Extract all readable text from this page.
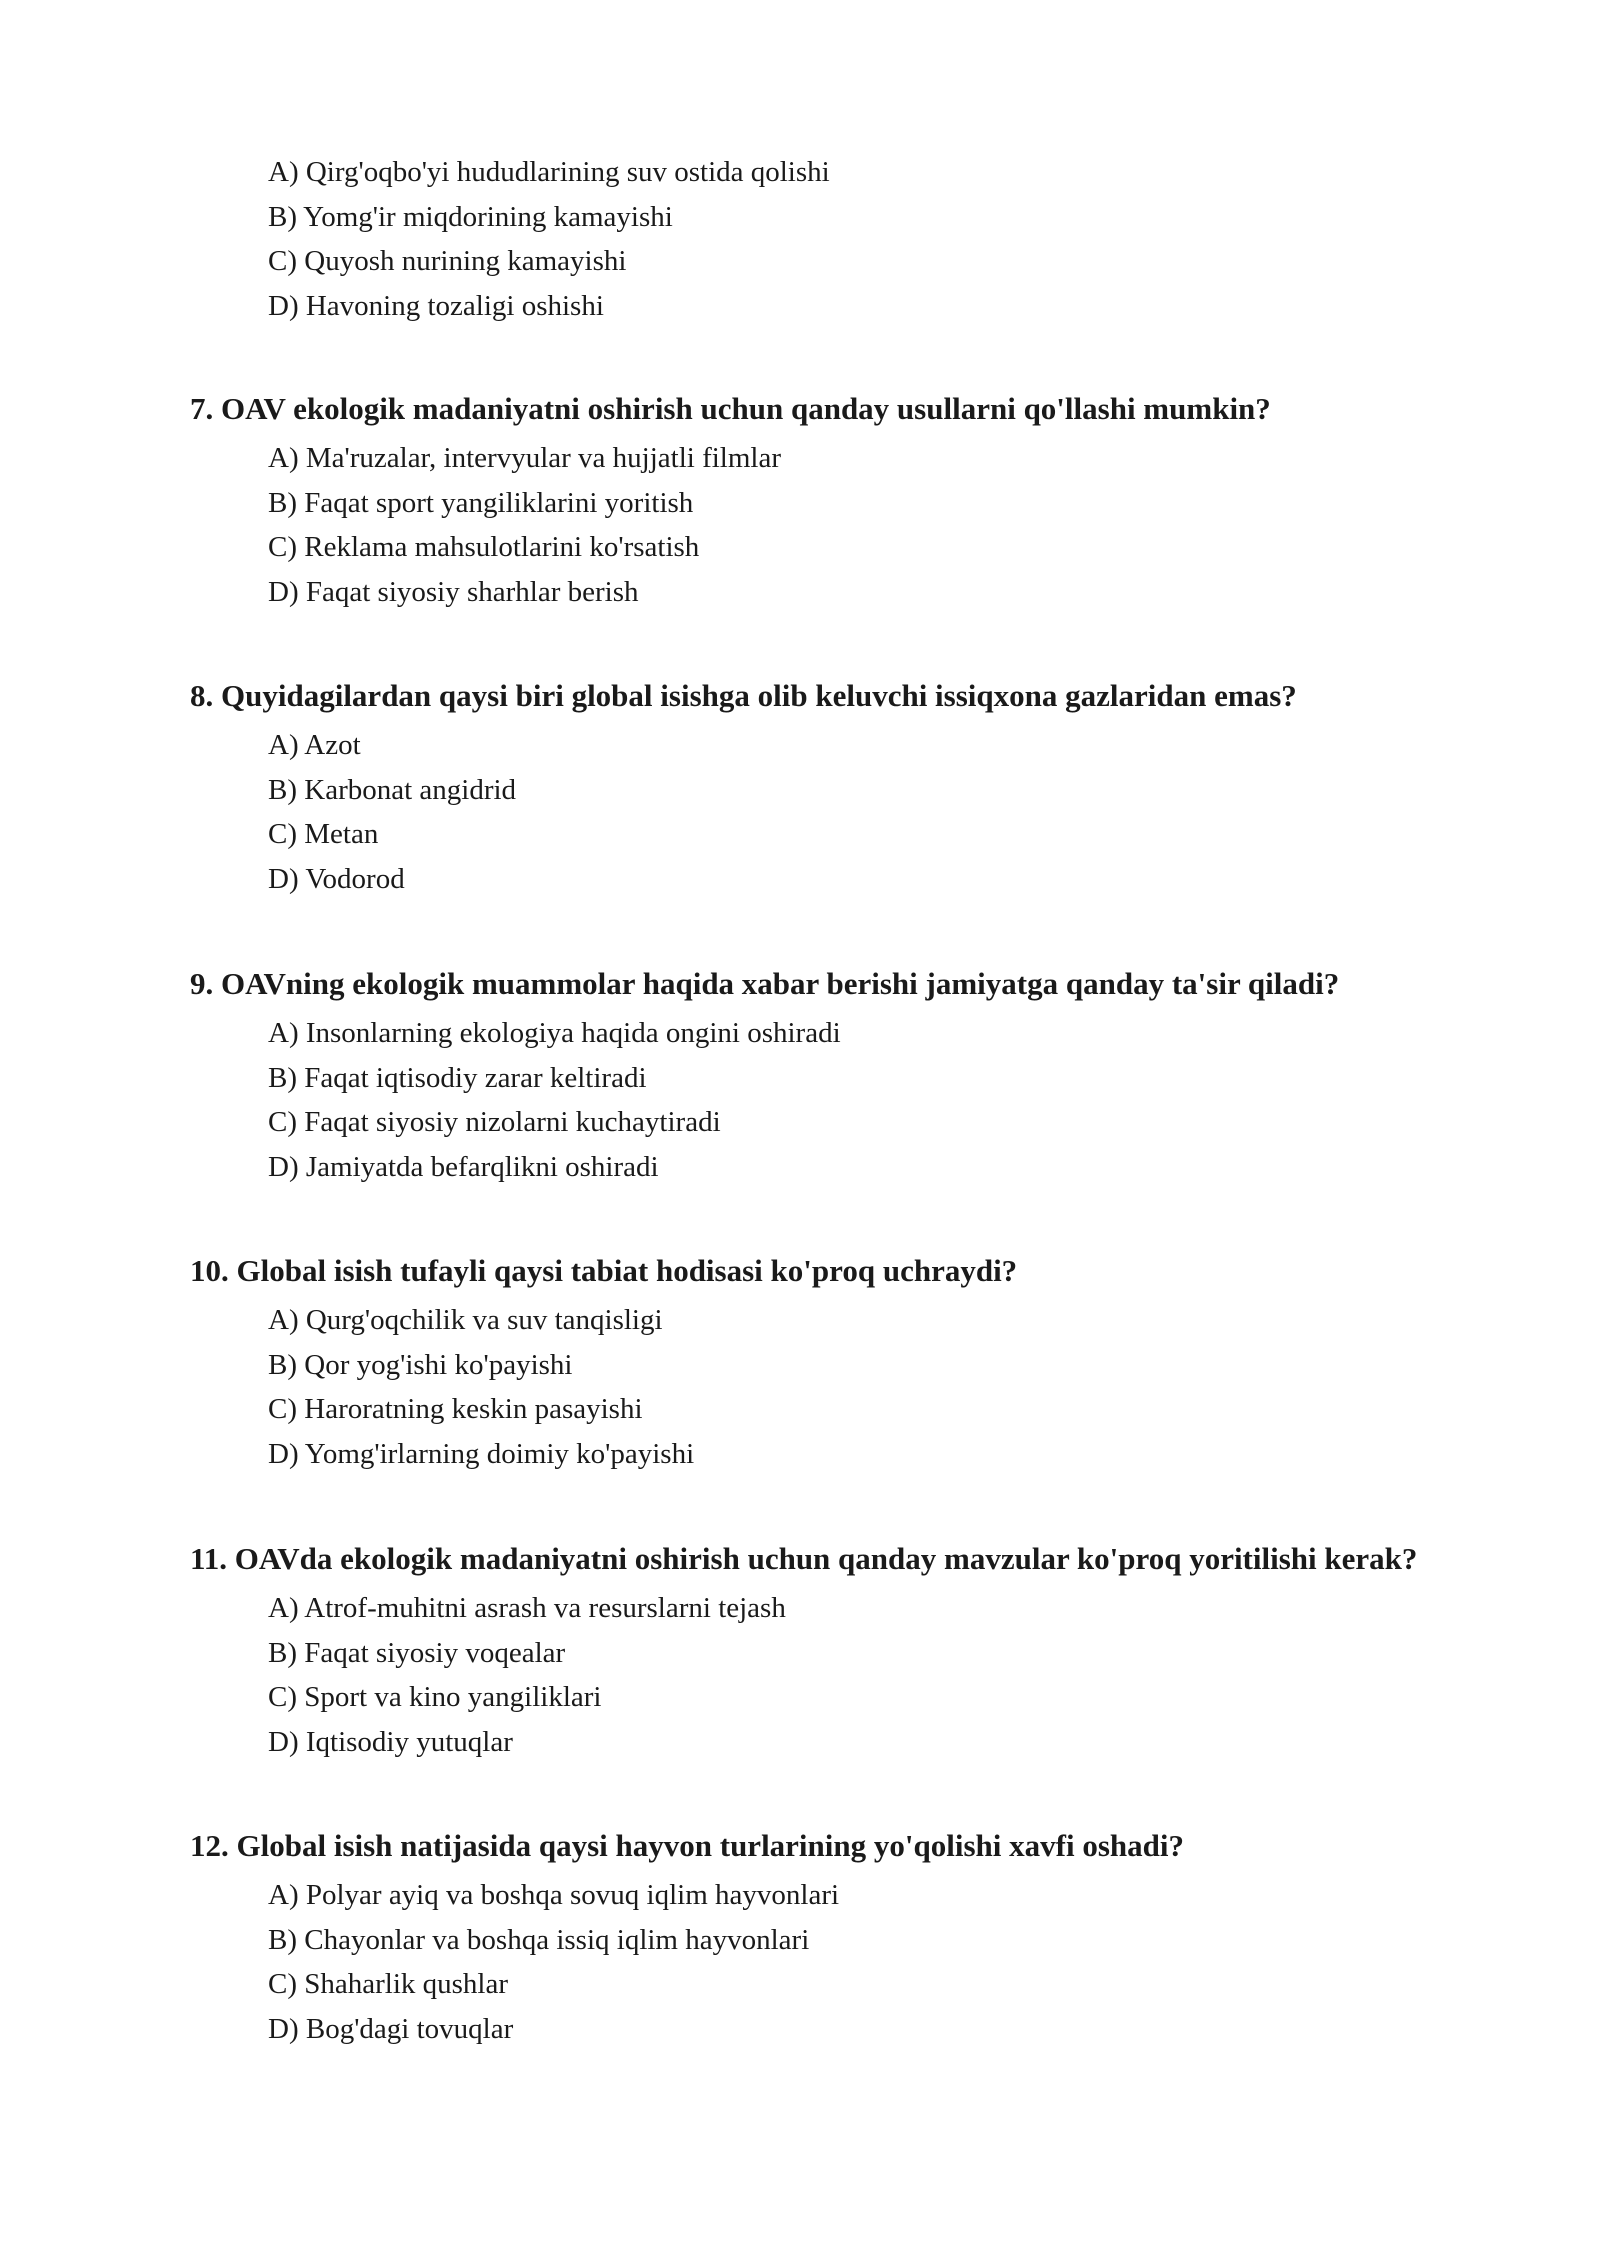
A) Qirg'oqbo'yi hududlarining suv ostida qolishi
B) Yomg'ir miqdorining kamayishi
C) Quyosh nurining kamayishi
D) Havoning tozaligi oshishi
7. OAV ekologik madaniyatni oshirish uchun qanday usullarni qo'llashi mumkin?
A) Ma'ruzalar, intervyular va hujjatli filmlar
B) Faqat sport yangiliklarini yoritish
C) Reklama mahsulotlarini ko'rsatish
D) Faqat siyosiy sharhlar berish
8. Quyidagilardan qaysi biri global isishga olib keluvchi issiqxona gazlaridan emas?
A) Azot
B) Karbonat angidrid
C) Metan
D) Vodorod
9. OAVning ekologik muammolar haqida xabar berishi jamiyatga qanday ta'sir qiladi?
A) Insonlarning ekologiya haqida ongini oshiradi
B) Faqat iqtisodiy zarar keltiradi
C) Faqat siyosiy nizolarni kuchaytiradi
D) Jamiyatda befarqlikni oshiradi
10. Global isish tufayli qaysi tabiat hodisasi ko'proq uchraydi?
A) Qurg'oqchilik va suv tanqisligi
B) Qor yog'ishi ko'payishi
C) Haroratning keskin pasayishi
D) Yomg'irlarning doimiy ko'payishi
11. OAVda ekologik madaniyatni oshirish uchun qanday mavzular ko'proq yoritilishi kerak?
A) Atrof-muhitni asrash va resurslarni tejash
B) Faqat siyosiy voqealar
C) Sport va kino yangiliklari
D) Iqtisodiy yutuqlar
12. Global isish natijasida qaysi hayvon turlarining yo'qolishi xavfi oshadi?
A) Polyar ayiq va boshqa sovuq iqlim hayvonlari
B) Chayonlar va boshqa issiq iqlim hayvonlari
C) Shaharlik qushlar
D) Bog'dagi tovuqlar
